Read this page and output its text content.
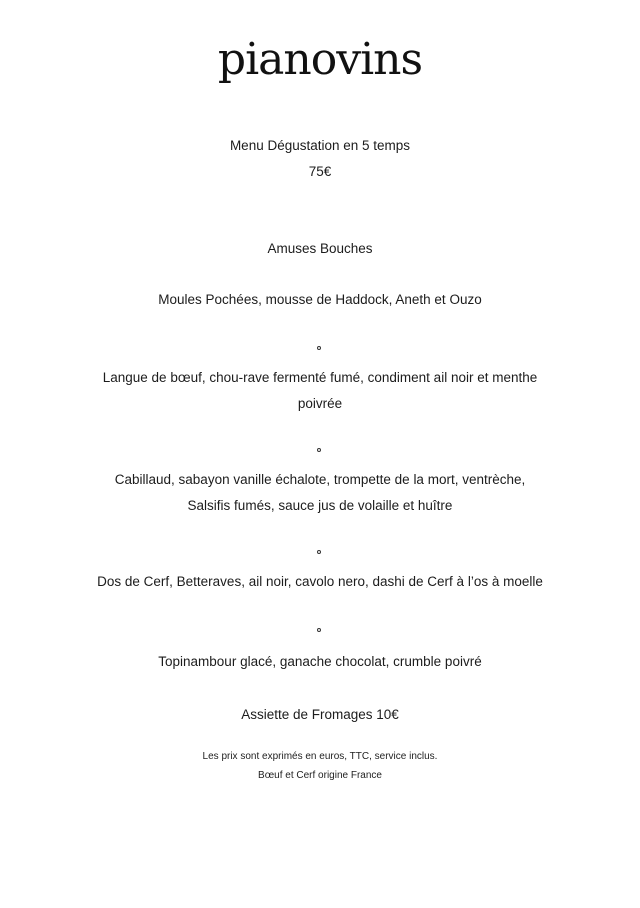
pianovins
Menu Dégustation en 5 temps
75€
Amuses Bouches
Moules Pochées, mousse de Haddock, Aneth et Ouzo
Langue de bœuf, chou-rave fermenté fumé, condiment ail noir et menthe
poivrée
Cabillaud, sabayon vanille échalote, trompette de la mort, ventrèche,
Salsifis fumés, sauce jus de volaille et huître
Dos de Cerf, Betteraves, ail noir, cavolo nero, dashi de Cerf à l’os à moelle
Topinambour glacé, ganache chocolat, crumble poivré
Assiette de Fromages 10€
Les prix sont exprimés en euros, TTC, service inclus.
Bœuf et Cerf origine France
